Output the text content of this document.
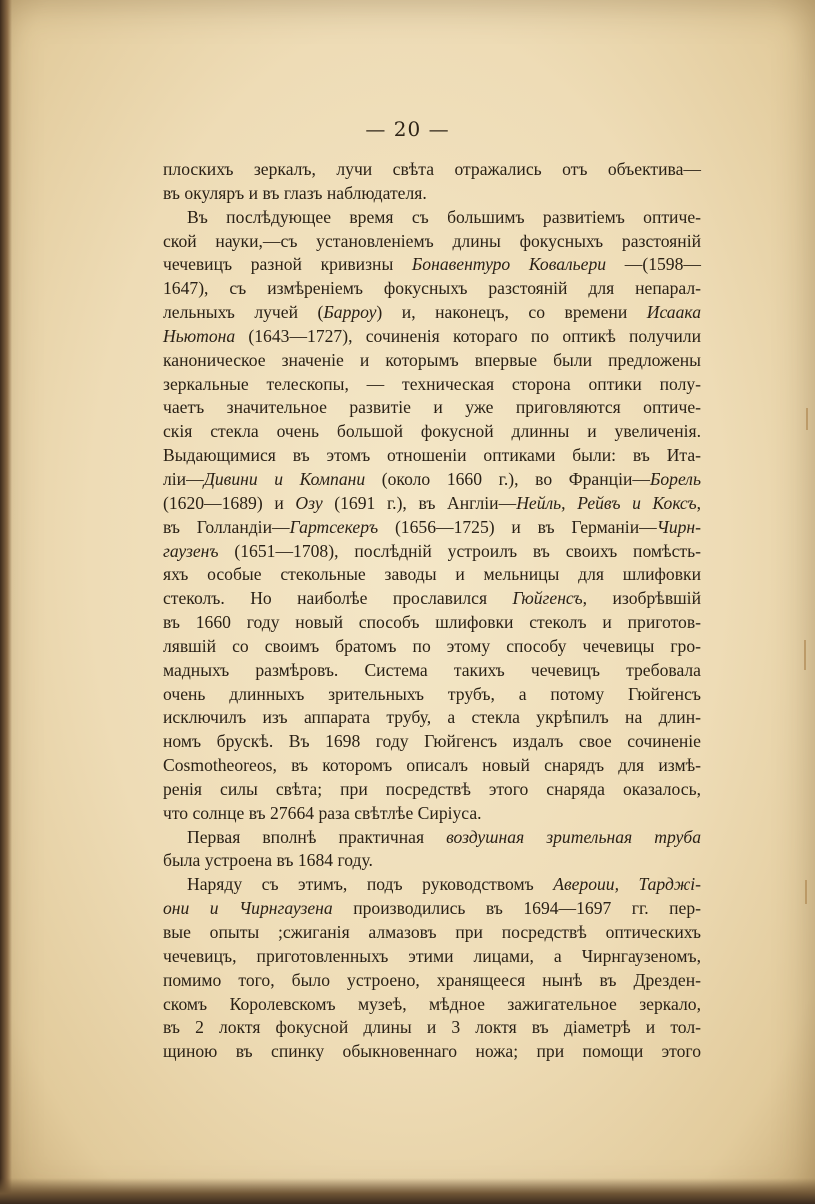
— 20 —
плоскихъ зеркалъ, лучи свѣта отражались отъ объектива—
въ окуляръ и въ глазъ наблюдателя.
Въ послѣдующее время съ большимъ развитіемъ оптиче-
ской науки,—съ установленіемъ длины фокусныхъ разстояній
чечевицъ разной кривизны Бонавентуро Ковальери —(1598—
1647), съ измѣреніемъ фокусныхъ разстояній для непарал-
лельныхъ лучей (Барроу) и, наконецъ, со времени Исаака
Ньютона (1643—1727), сочиненія котораго по оптикѣ получили
каноническое значеніе и которымъ впервые были предложены
зеркальные телескопы, — техническая сторона оптики полу-
чаетъ значительное развитіе и уже приговляются оптиче-
скія стекла очень большой фокусной длинны и увеличенія.
Выдающимися въ этомъ отношеніи оптиками были: въ Ита-
ліи—Дивини и Компани (около 1660 г.), во Франціи—Борель
(1620—1689) и Озу (1691 г.), въ Англіи—Нейль, Рейвъ и Коксъ,
въ Голландіи—Гартсекеръ (1656—1725) и въ Германіи—Чирн-
гаузенъ (1651—1708), послѣдній устроилъ въ своихъ помѣсть-
яхъ особые стекольные заводы и мельницы для шлифовки
стеколъ. Но наиболѣе прославился Гюйгенсъ, изобрѣвшій
въ 1660 году новый способъ шлифовки стеколъ и приготов-
лявшій со своимъ братомъ по этому способу чечевицы гро-
мадныхъ размѣровъ. Система такихъ чечевицъ требовала
очень длинныхъ зрительныхъ трубъ, а потому Гюйгенсъ
исключилъ изъ аппарата трубу, а стекла укрѣпилъ на длин-
номъ брускѣ. Въ 1698 году Гюйгенсъ издалъ свое сочиненіе
Cosmotheoreos, въ которомъ описалъ новый снарядъ для измѣ-
ренія силы свѣта; при посредствѣ этого снаряда оказалось,
что солнце въ 27664 раза свѣтлѣе Сиріуса.
Первая вполнѣ практичная воздушная зрительная труба
была устроена въ 1684 году.
Наряду съ этимъ, подъ руководствомъ Авероии, Тарджі-
они и Чирнгаузена производились въ 1694—1697 гг. пер-
вые опыты ;сжиганія алмазовъ при посредствѣ оптическихъ
чечевицъ, приготовленныхъ этими лицами, а Чирнгаузеномъ,
помимо того, было устроено, хранящееся нынѣ въ Дрезден-
скомъ Королевскомъ музеѣ, мѣдное зажигательное зеркало,
въ 2 локтя фокусной длины и 3 локтя въ діаметрѣ и тол-
щиною въ спинку обыкновеннаго ножа; при помощи этого
